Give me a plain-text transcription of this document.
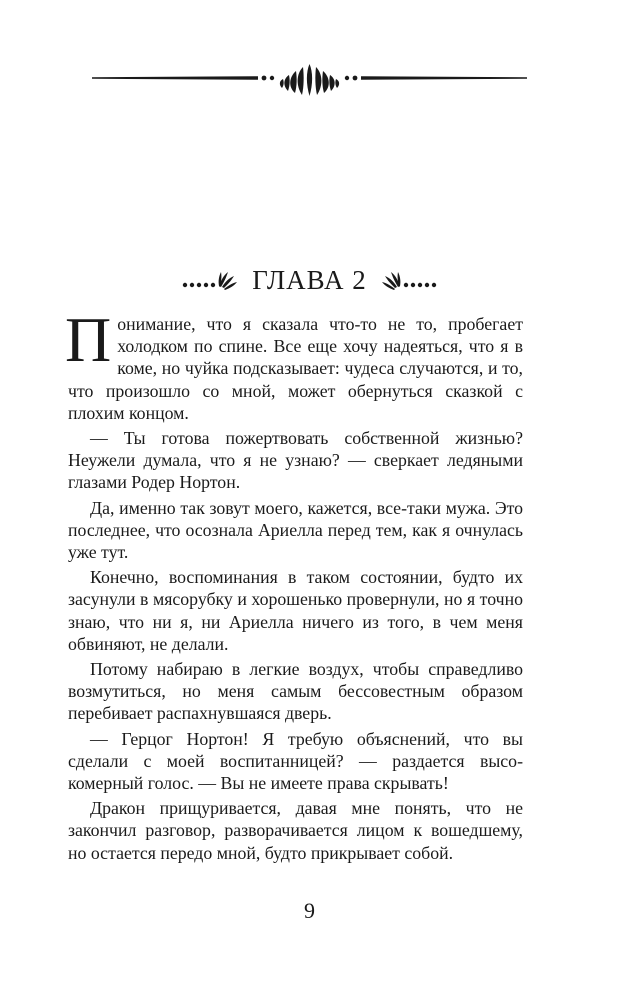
ГЛАВА 2

Понимание, что я сказала что-то не то, пробегает холодком по спине. Все еще хочу надеяться, что я в коме, но чуйка подсказывает: чудеса случаются, и то, что произошло со мной, может обернуться сказкой с плохим концом.

— Ты готова пожертвовать собственной жизнью? Неужели думала, что я не узнаю? — сверкает ледяными глазами Родер Нортон.

Да, именно так зовут моего, кажется, все-таки мужа. Это последнее, что осознала Ариелла перед тем, как я очнулась уже тут.

Конечно, воспоминания в таком состоянии, будто их засунули в мясорубку и хорошенько провернули, но я точно знаю, что ни я, ни Ариелла ничего из того, в чем меня обвиняют, не делали.

Потому набираю в легкие воздух, чтобы справедливо возмутиться, но меня самым бессовестным образом перебивает распахнувшаяся дверь.

— Герцог Нортон! Я требую объяснений, что вы сделали с моей воспитанницей? — раздается высокомерный голос. — Вы не имеете права скрывать!

Дракон прищуривается, давая мне понять, что не закончил разговор, разворачивается лицом к вошедшему, но остается передо мной, будто прикрывает собой.

9
